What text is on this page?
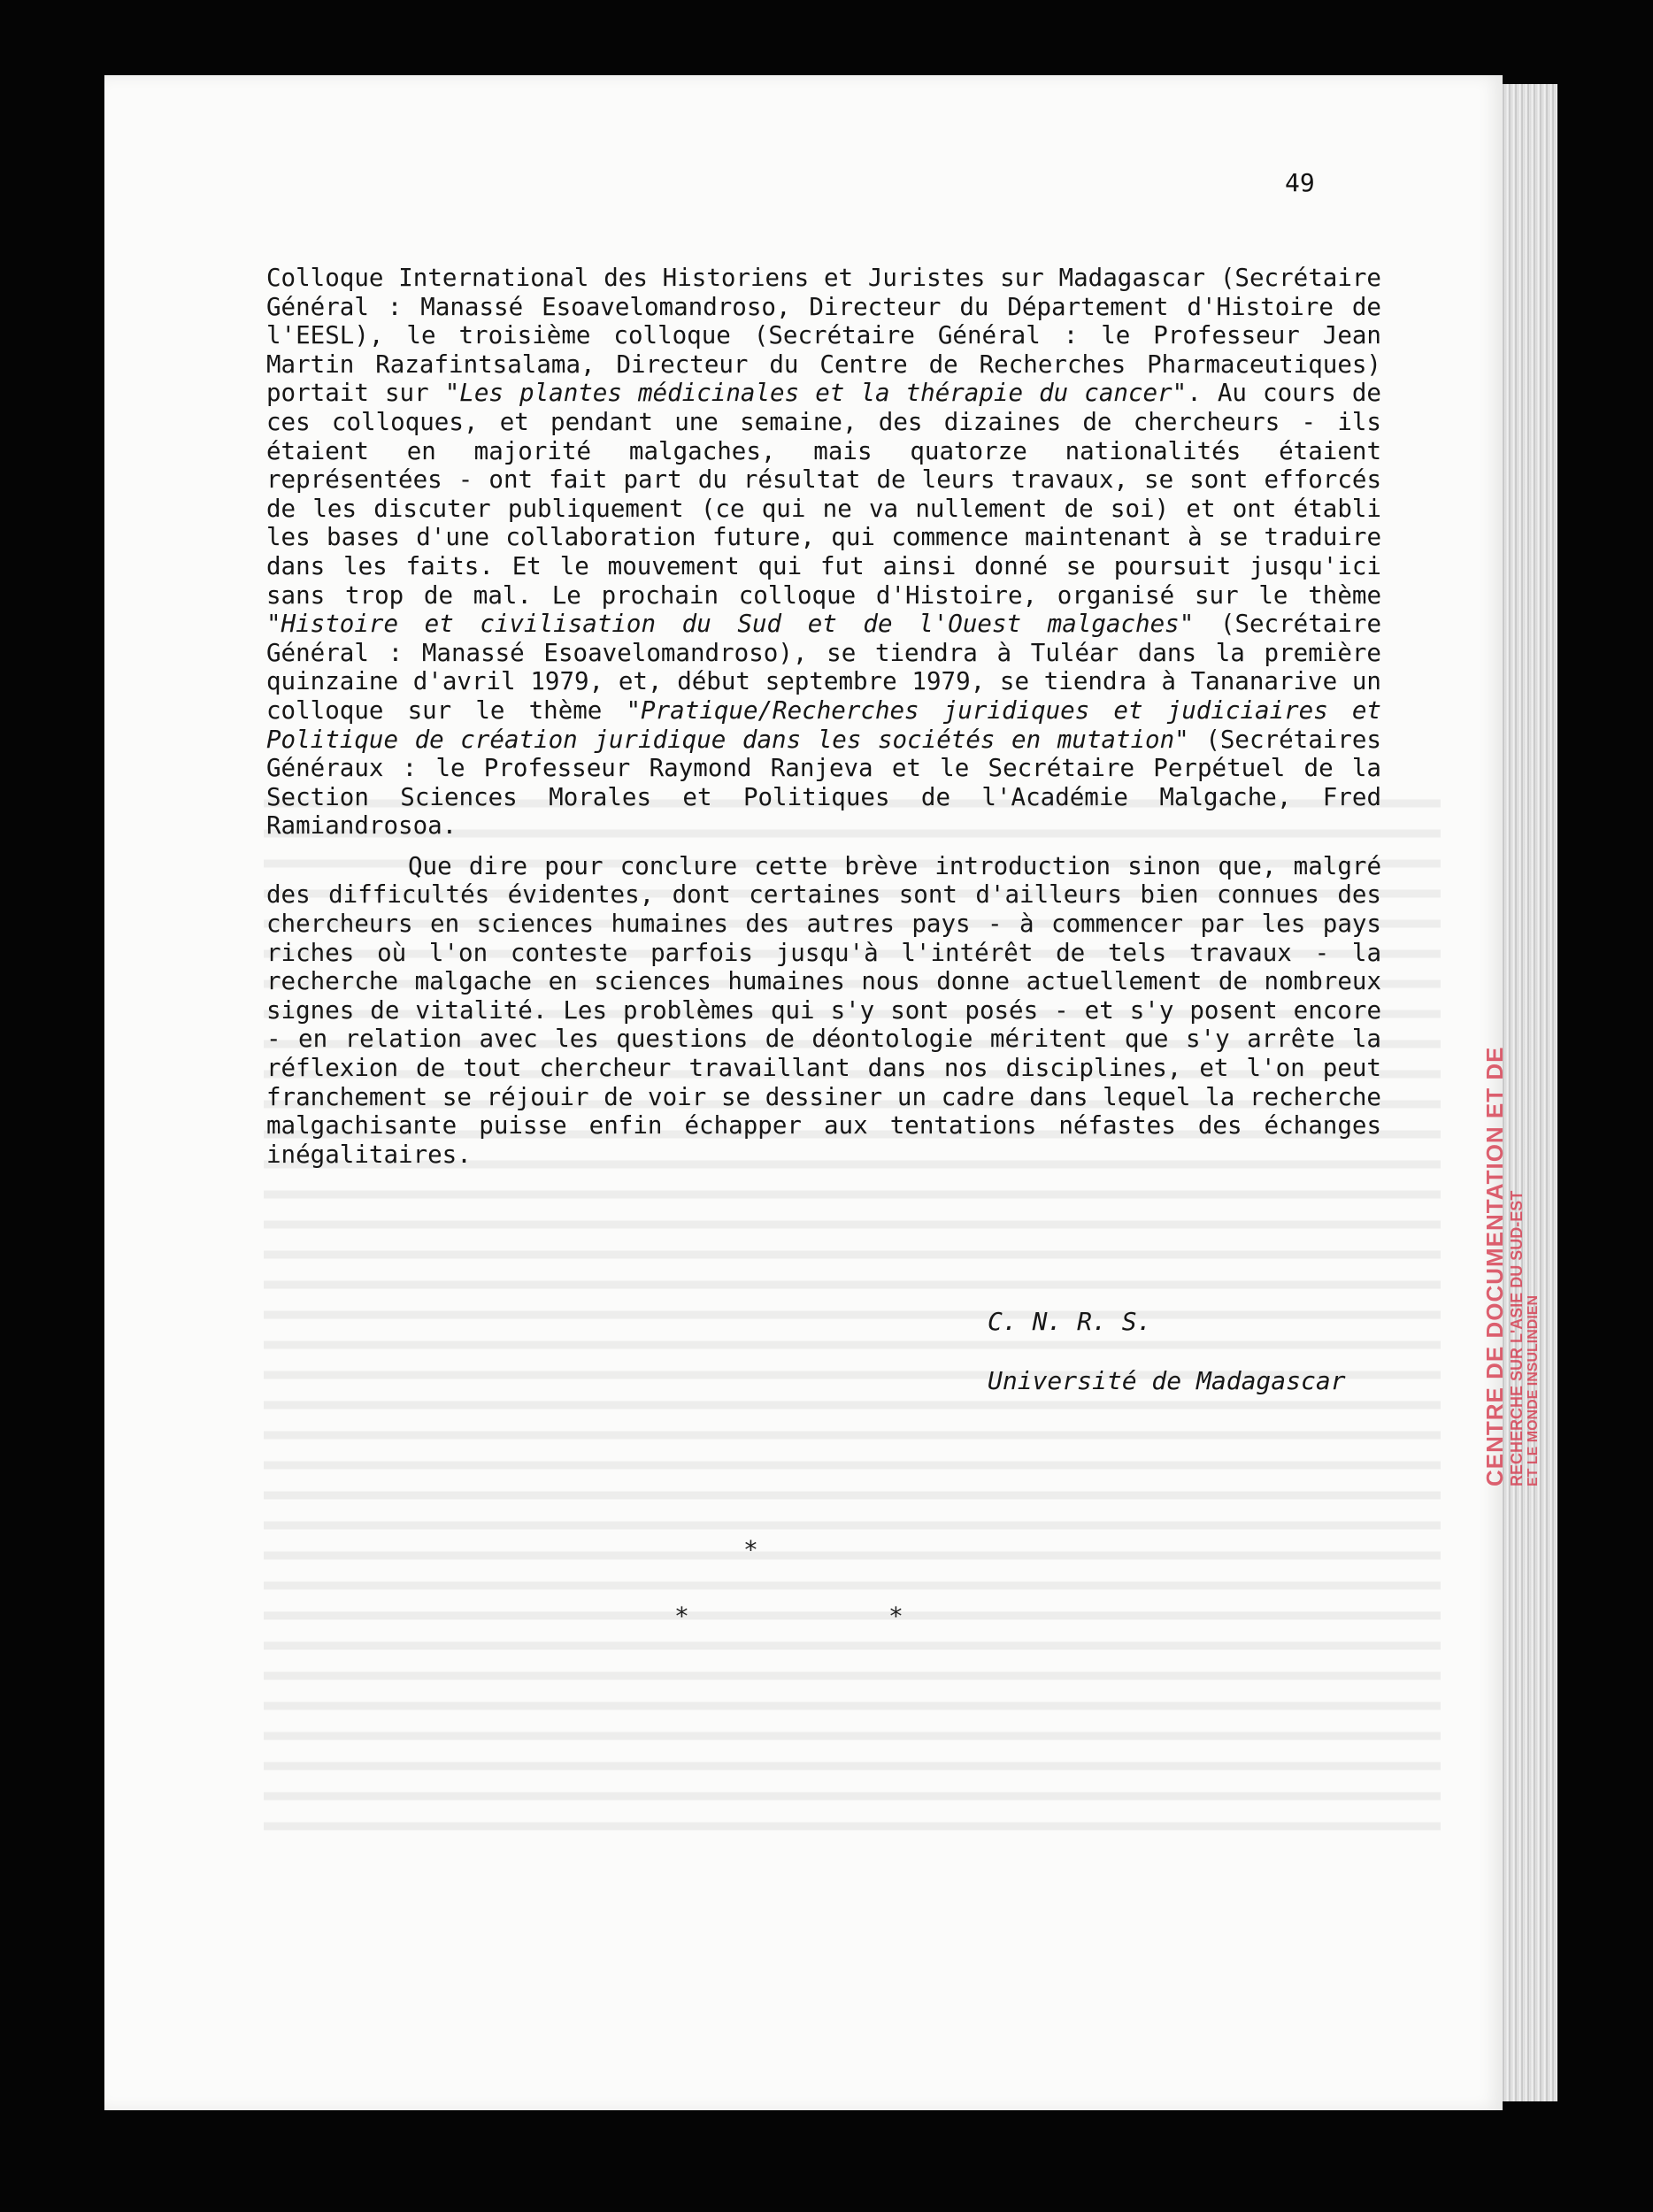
CENTRE DE DOCUMENTATION ET DE RECHERCHE SUR L'ASIE DU SUD-EST ET LE MONDE INSULINDIEN
49

Colloque International des Historiens et Juristes sur Madagascar (Secrétaire Général : Manassé Esoavelomandroso, Directeur du Département d'Histoire de l'EESL), le troisième colloque (Secrétaire Général : le Professeur Jean Martin Razafintsalama, Directeur du Centre de Recherches Pharmaceutiques) portait sur "Les plantes médicinales et la thérapie du cancer". Au cours de ces colloques, et pendant une semaine, des dizaines de chercheurs - ils étaient en majorité malgaches, mais quatorze nationalités étaient représentées - ont fait part du résultat de leurs travaux, se sont efforcés de les discuter publiquement (ce qui ne va nullement de soi) et ont établi les bases d'une collaboration future, qui commence maintenant à se traduire dans les faits. Et le mouvement qui fut ainsi donné se poursuit jusqu'ici sans trop de mal. Le prochain colloque d'Histoire, organisé sur le thème "Histoire et civilisation du Sud et de l'Ouest malgaches" (Secrétaire Général : Manassé Esoavelomandroso), se tiendra à Tuléar dans la première quinzaine d'avril 1979, et, début septembre 1979, se tiendra à Tananarive un colloque sur le thème "Pratique/Recherches juridiques et judiciaires et Politique de création juridique dans les sociétés en mutation" (Secrétaires Généraux : le Professeur Raymond Ranjeva et le Secrétaire Perpétuel de la Section Sciences Morales et Politiques de l'Académie Malgache, Fred Ramiandrosoa.

Que dire pour conclure cette brève introduction sinon que, malgré des difficultés évidentes, dont certaines sont d'ailleurs bien connues des chercheurs en sciences humaines des autres pays - à commencer par les pays riches où l'on conteste parfois jusqu'à l'intérêt de tels travaux - la recherche malgache en sciences humaines nous donne actuellement de nombreux signes de vitalité. Les problèmes qui s'y sont posés - et s'y posent encore - en relation avec les questions de déontologie méritent que s'y arrête la réflexion de tout chercheur travaillant dans nos disciplines, et l'on peut franchement se réjouir de voir se dessiner un cadre dans lequel la recherche malgachisante puisse enfin échapper aux tentations néfastes des échanges inégalitaires.

C. N. R. S.
Université de Madagascar
*
*	*
